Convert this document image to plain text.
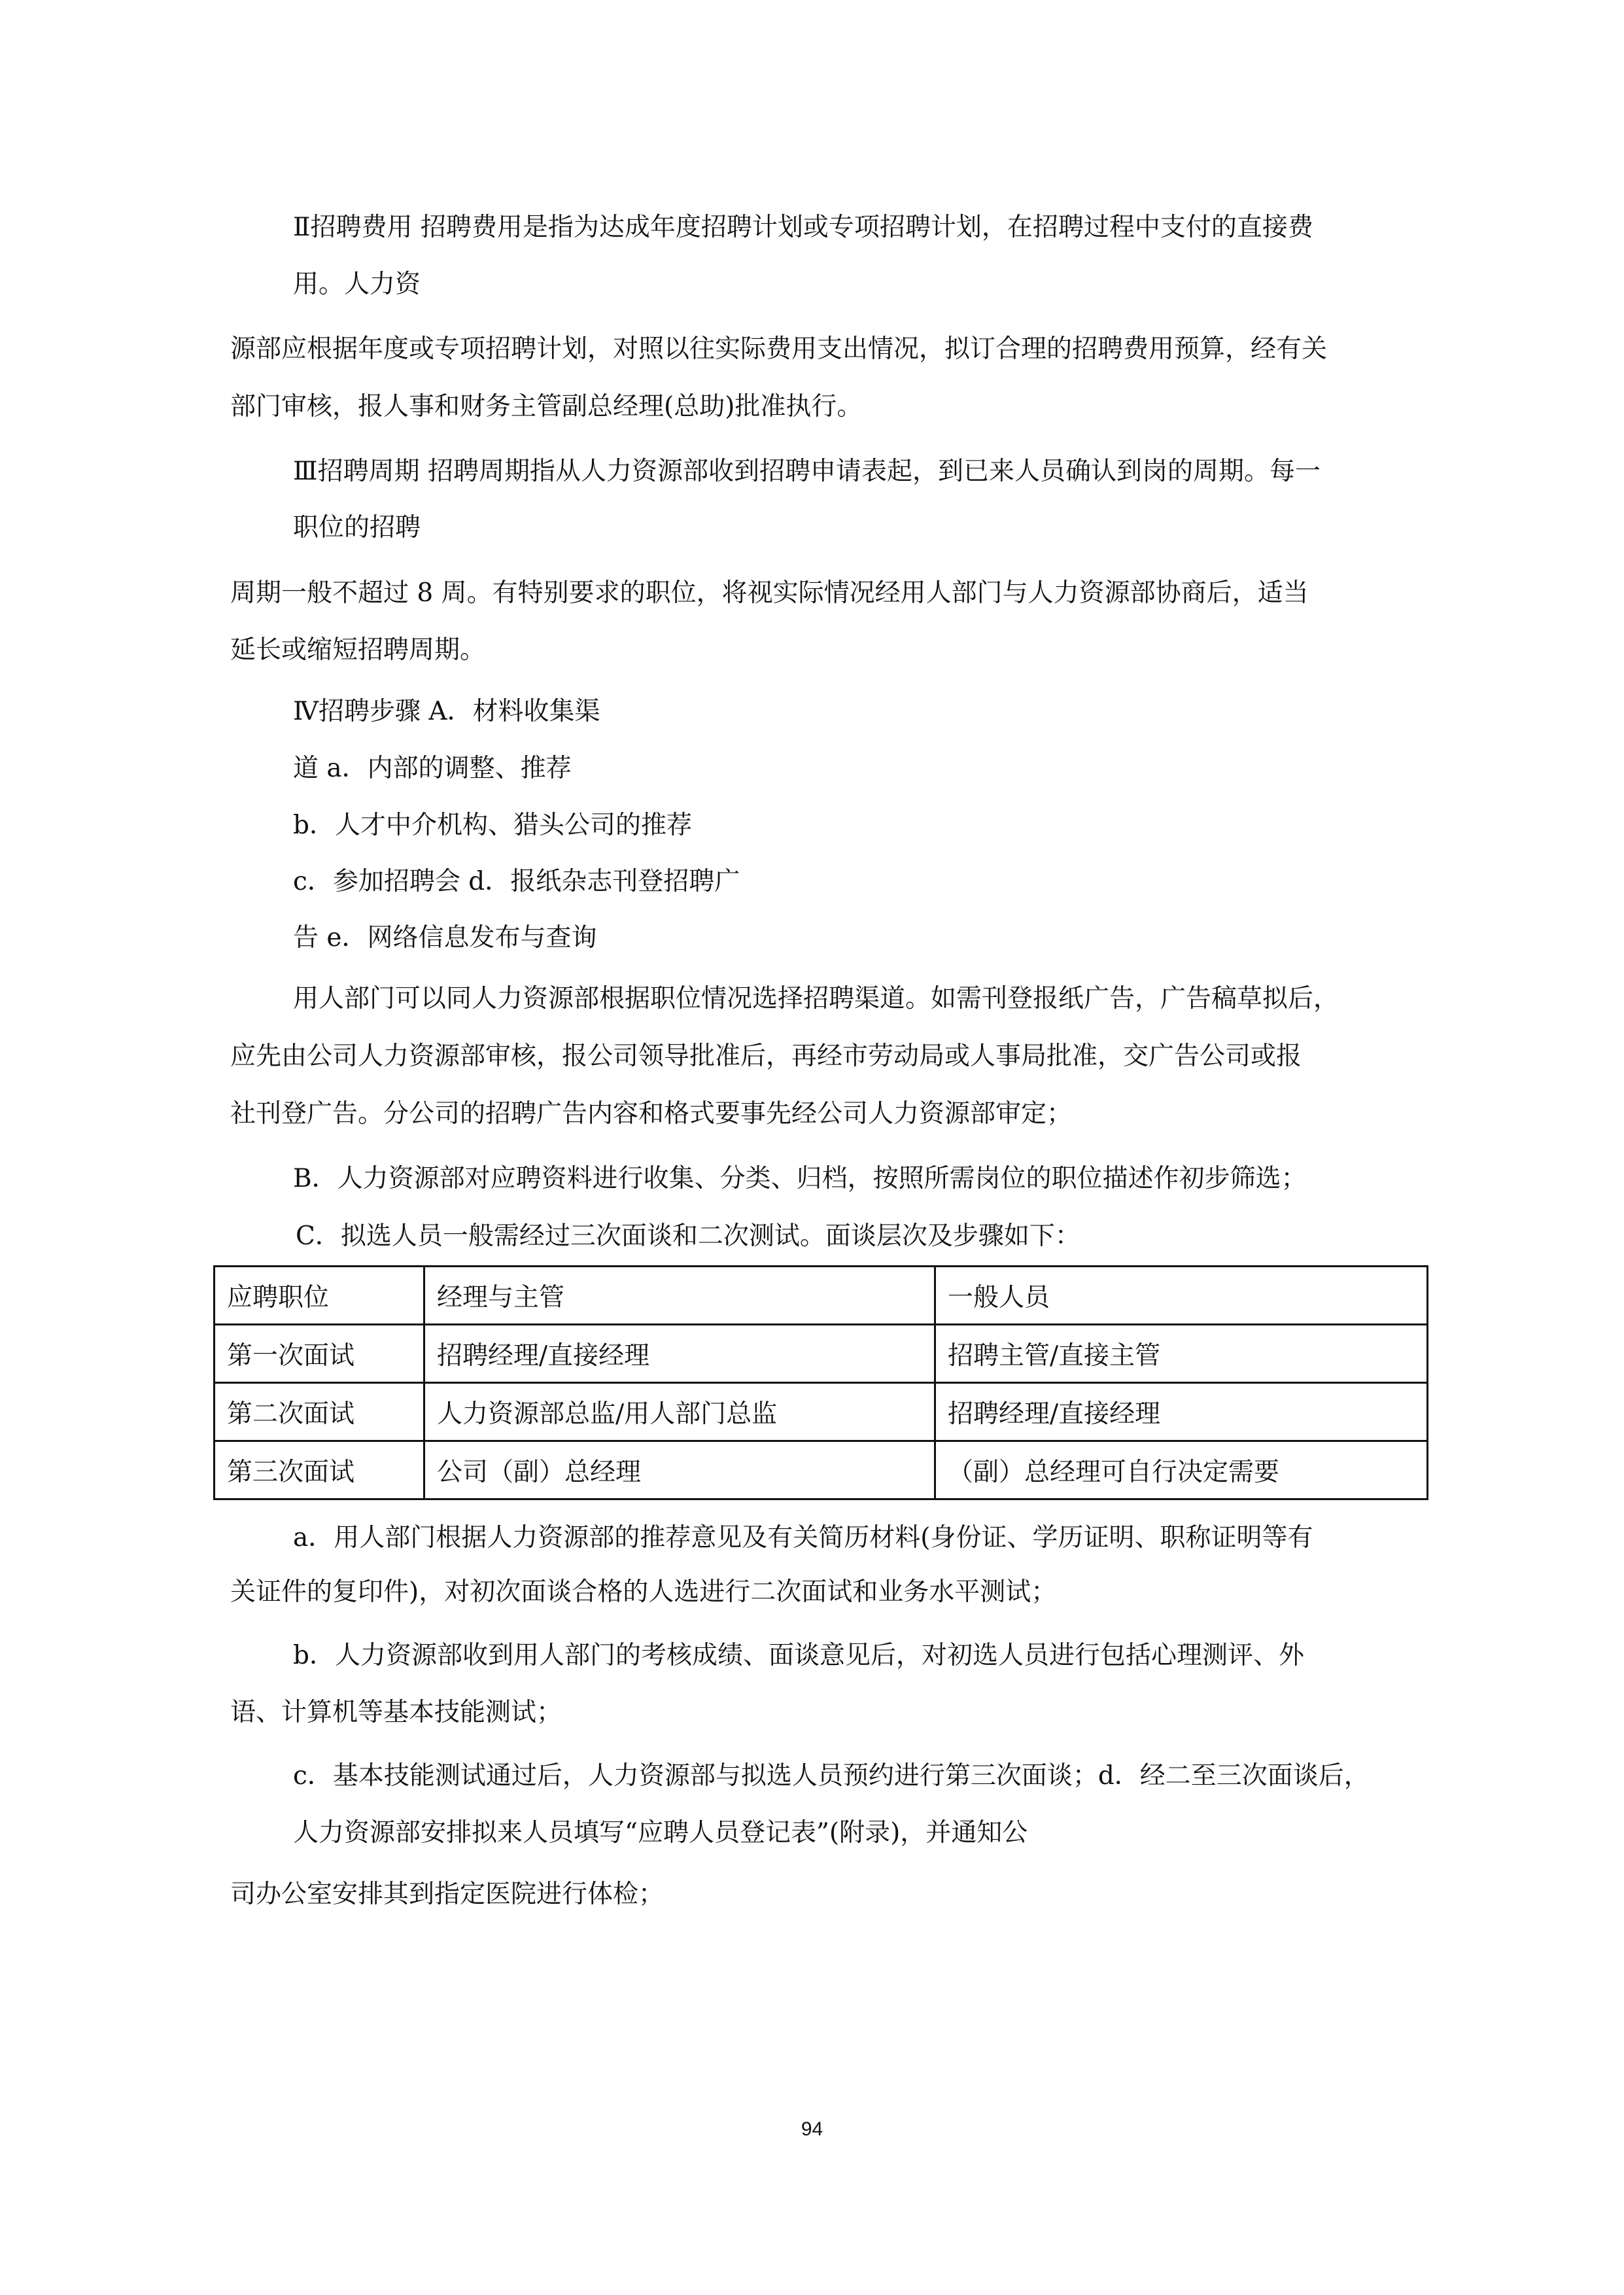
Ⅱ招聘费用 招聘费用是指为达成年度招聘计划或专项招聘计划，在招聘过程中支付的直接费
用。人力资
源部应根据年度或专项招聘计划，对照以往实际费用支出情况，拟订合理的招聘费用预算，经有关
部门审核，报人事和财务主管副总经理(总助)批准执行。
Ⅲ招聘周期 招聘周期指从人力资源部收到招聘申请表起，到已来人员确认到岗的周期。每一
职位的招聘
周期一般不超过 8 周。有特别要求的职位，将视实际情况经用人部门与人力资源部协商后，适当
延长或缩短招聘周期。
Ⅳ招聘步骤 A．材料收集渠
道 a．内部的调整、推荐
b．人才中介机构、猎头公司的推荐
c．参加招聘会 d．报纸杂志刊登招聘广
告 e．网络信息发布与查询
用人部门可以同人力资源部根据职位情况选择招聘渠道。如需刊登报纸广告，广告稿草拟后，
应先由公司人力资源部审核，报公司领导批准后，再经市劳动局或人事局批准，交广告公司或报
社刊登广告。分公司的招聘广告内容和格式要事先经公司人力资源部审定；
B．人力资源部对应聘资料进行收集、分类、归档，按照所需岗位的职位描述作初步筛选；
C．拟选人员一般需经过三次面谈和二次测试。面谈层次及步骤如下：
应聘职位	经理与主管	一般人员
第一次面试	招聘经理/直接经理	招聘主管/直接主管
第二次面试	人力资源部总监/用人部门总监	招聘经理/直接经理
第三次面试	公司（副）总经理	（副）总经理可自行决定需要
a．用人部门根据人力资源部的推荐意见及有关简历材料(身份证、学历证明、职称证明等有
关证件的复印件)，对初次面谈合格的人选进行二次面试和业务水平测试；
b．人力资源部收到用人部门的考核成绩、面谈意见后，对初选人员进行包括心理测评、外
语、计算机等基本技能测试；
c．基本技能测试通过后，人力资源部与拟选人员预约进行第三次面谈；d．经二至三次面谈后，
人力资源部安排拟来人员填写“应聘人员登记表”(附录)，并通知公
司办公室安排其到指定医院进行体检；
94
